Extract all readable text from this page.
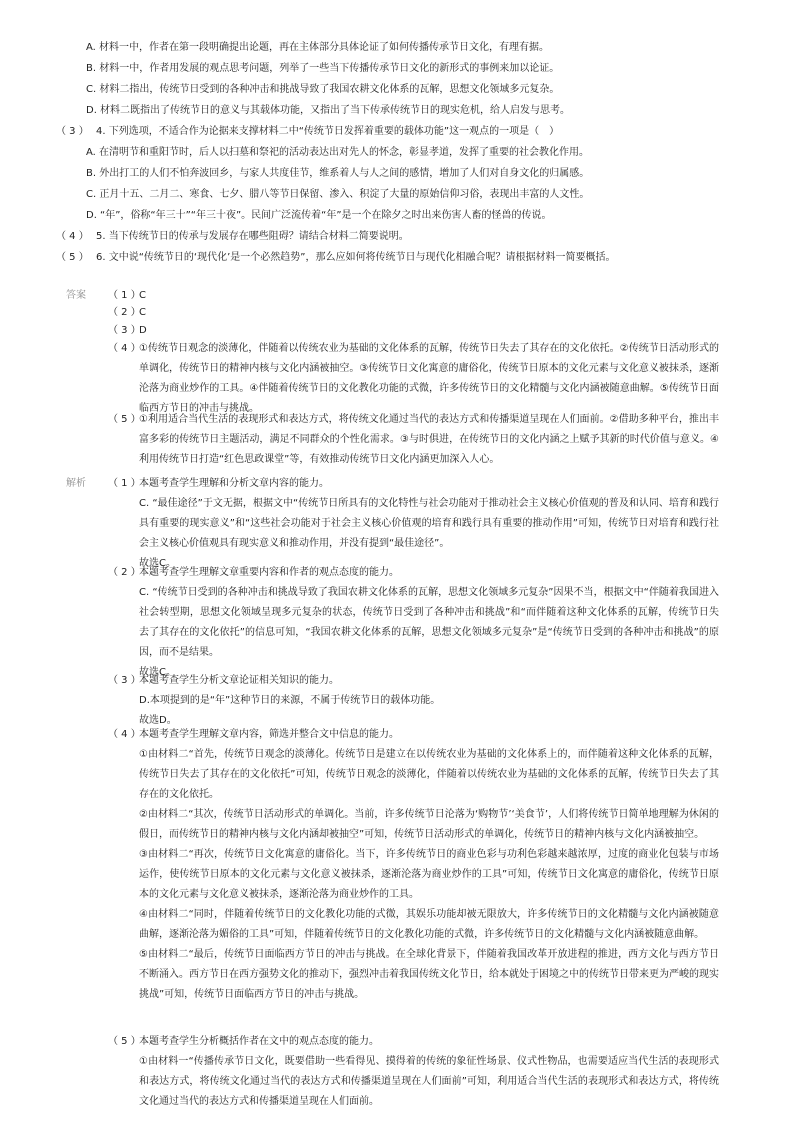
A. 材料一中，作者在第一段明确提出论题，再在主体部分具体论证了如何传播传承节日文化，有理有据。
B. 材料一中，作者用发展的观点思考问题，列举了一些当下传播传承节日文化的新形式的事例来加以论证。
C. 材料二指出，传统节日受到的各种冲击和挑战导致了我国农耕文化体系的瓦解，思想文化领域多元复杂。
D. 材料二既指出了传统节日的意义与其载体功能，又指出了当下传承传统节日的现实危机，给人启发与思考。
（ 3 ） 4. 下列选项，不适合作为论据来支撑材料二中“传统节日发挥着重要的载体功能”这一观点的一项是（　）
A. 在清明节和重阳节时，后人以扫墓和祭祀的活动表达出对先人的怀念，彰显孝道，发挥了重要的社会教化作用。
B. 外出打工的人们不怕奔波回乡，与家人共度佳节，维系着人与人之间的感情，增加了人们对自身文化的归属感。
C. 正月十五、二月二、寒食、七夕、腊八等节日保留、渗入、积淀了大量的原始信仰习俗，表现出丰富的人文性。
D. “年”，俗称“年三十”“年三十夜”。民间广泛流传着“年”是一个在除夕之时出来伤害人畜的怪兽的传说。
（ 4 ） 5. 当下传统节日的传承与发展存在哪些阻碍？请结合材料二简要说明。
（ 5 ） 6. 文中说“传统节日的‘现代化’是一个必然趋势”，那么应如何将传统节日与现代化相融合呢？请根据材料一简要概括。
答案 （ 1 ）
C
（ 2 ）
C
（ 3 ）
D
（ 4 ）
①传统节日观念的淡薄化，伴随着以传统农业为基础的文化体系的瓦解，传统节日失去了其存在的文化依托。②传统节日活动形式的单调化，传统节日的精神内核与文化内涵被抽空。③传统节日文化寓意的庸俗化，传统节日原本的文化元素与文化意义被抹杀，逐渐沦落为商业炒作的工具。④伴随着传统节日的文化教化功能的式微，许多传统节日的文化精髓与文化内涵被随意曲解。⑤传统节日面临西方节日的冲击与挑战。
（ 5 ）
①利用适合当代生活的表现形式和表达方式，将传统文化通过当代的表达方式和传播渠道呈现在人们面前。②借助多种平台，推出丰富多彩的传统节日主题活动，满足不同群众的个性化需求。③与时俱进，在传统节日的文化内涵之上赋予其新的时代价值与意义。④利用传统节日打造“红色思政课堂”等，有效推动传统节日文化内涵更加深入人心。
解析 （ 1 ）

本题考查学生理解和分析文章内容的能力。

C. “最佳途径”于文无据，根据文中“传统节日所具有的文化特性与社会功能对于推动社会主义核心价值观的普及和认同、培育和践行具有重要的现实意义”和“这些社会功能对于社会主义核心价值观的培育和践行具有重要的推动作用”可知，传统节日对培育和践行社会主义核心价值观具有现实意义和推动作用，并没有提到“最佳途径”。

故选C。

（ 2 ）

本题考查学生理解文章重要内容和作者的观点态度的能力。

C. “传统节日受到的各种冲击和挑战导致了我国农耕文化体系的瓦解，思想文化领域多元复杂”因果不当，根据文中“伴随着我国进入社会转型期，思想文化领域呈现多元复杂的状态，传统节日受到了各种冲击和挑战”和“而伴随着这种文化体系的瓦解，传统节日失去了其存在的文化依托”的信息可知，“我国农耕文化体系的瓦解，思想文化领域多元复杂”是“传统节日受到的各种冲击和挑战”的原因，而不是结果。

故选C。

（ 3 ）

本题考查学生分析文章论证相关知识的能力。

D.本项提到的是“年”这种节日的来源，不属于传统节日的载体功能。

故选D。

（ 4 ）

本题考查学生理解文章内容，筛选并整合文中信息的能力。

①由材料二“首先，传统节日观念的淡薄化。传统节日是建立在以传统农业为基础的文化体系上的，而伴随着这种文化体系的瓦解，传统节日失去了其存在的文化依托”可知，传统节日观念的淡薄化，伴随着以传统农业为基础的文化体系的瓦解，传统节日失去了其存在的文化依托。

②由材料二“其次，传统节日活动形式的单调化。当前，许多传统节日沦落为‘购物节’‘美食节’，人们将传统节日简单地理解为休闲的假日，而传统节日的精神内核与文化内涵却被抽空”可知，传统节日活动形式的单调化，传统节日的精神内核与文化内涵被抽空。

③由材料二“再次，传统节日文化寓意的庸俗化。当下，许多传统节日的商业色彩与功利色彩越来越浓厚，过度的商业化包装与市场运作，使传统节日原本的文化元素与文化意义被抹杀，逐渐沦落为商业炒作的工具”可知，传统节日文化寓意的庸俗化，传统节日原本的文化元素与文化意义被抹杀，逐渐沦落为商业炒作的工具。

④由材料二“同时，伴随着传统节日的文化教化功能的式微，其娱乐功能却被无限放大，许多传统节日的文化精髓与文化内涵被随意曲解，逐渐沦落为媚俗的工具”可知，伴随着传统节日的文化教化功能的式微，许多传统节日的文化精髓与文化内涵被随意曲解。

⑤由材料二“最后，传统节日面临西方节日的冲击与挑战。在全球化背景下，伴随着我国改革开放进程的推进，西方文化与西方节日不断涌入。西方节日在西方强势文化的推动下，强烈冲击着我国传统文化节日，给本就处于困境之中的传统节日带来更为严峻的现实挑战”可知，传统节日面临西方节日的冲击与挑战。

（ 5 ）

本题考查学生分析概括作者在文中的观点态度的能力。

①由材料一“传播传承节日文化，既要借助一些看得见、摸得着的传统的象征性场景、仪式性物品，也需要适应当代生活的表现形式和表达方式，将传统文化通过当代的表达方式和传播渠道呈现在人们面前”可知，利用适合当代生活的表现形式和表达方式，将传统文化通过当代的表达方式和传播渠道呈现在人们面前。
